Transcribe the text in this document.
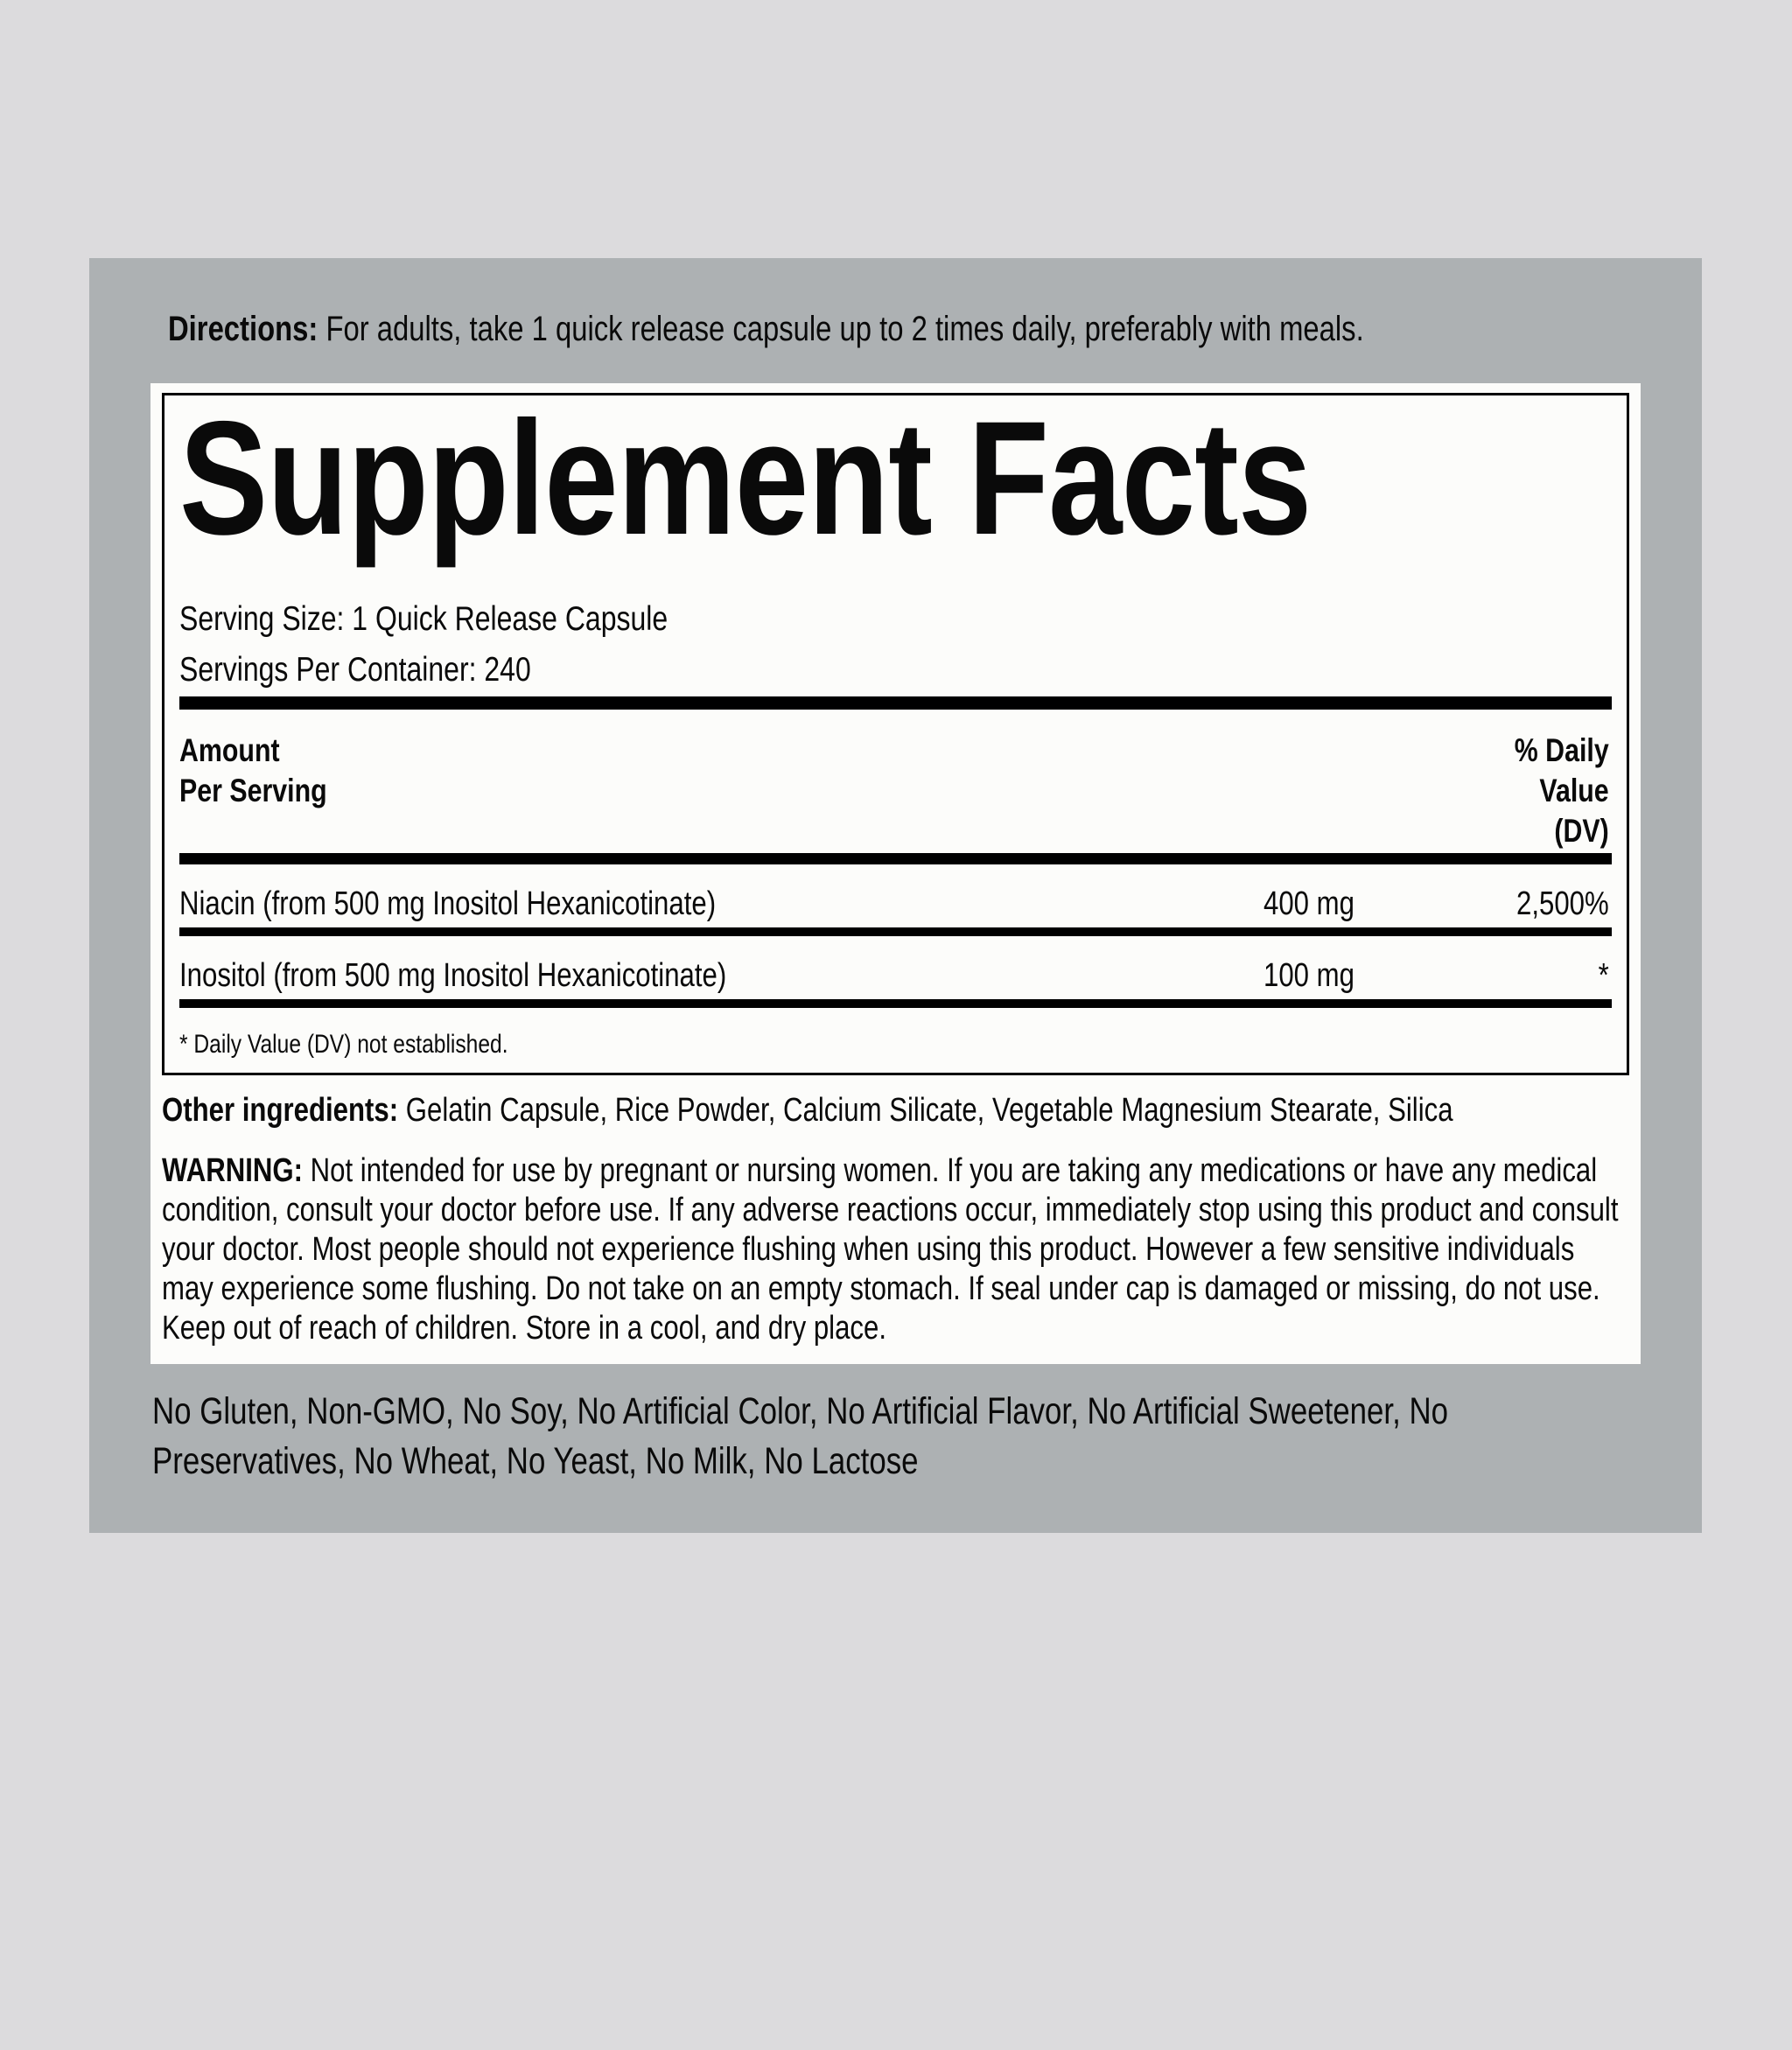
Directions: For adults, take 1 quick release capsule up to 2 times daily, preferably with meals.
Supplement Facts
Serving Size: 1 Quick Release Capsule
Servings Per Container: 240
Amount
Per Serving
% Daily
Value
(DV)
Niacin (from 500 mg Inositol Hexanicotinate)	400 mg	2,500%
Inositol (from 500 mg Inositol Hexanicotinate)	100 mg	*
* Daily Value (DV) not established.
Other ingredients: Gelatin Capsule, Rice Powder, Calcium Silicate, Vegetable Magnesium Stearate, Silica
WARNING: Not intended for use by pregnant or nursing women. If you are taking any medications or have any medical condition, consult your doctor before use. If any adverse reactions occur, immediately stop using this product and consult your doctor. Most people should not experience flushing when using this product. However a few sensitive individuals may experience some flushing. Do not take on an empty stomach. If seal under cap is damaged or missing, do not use. Keep out of reach of children. Store in a cool, and dry place.
No Gluten, Non-GMO, No Soy, No Artificial Color, No Artificial Flavor, No Artificial Sweetener, No Preservatives, No Wheat, No Yeast, No Milk, No Lactose
